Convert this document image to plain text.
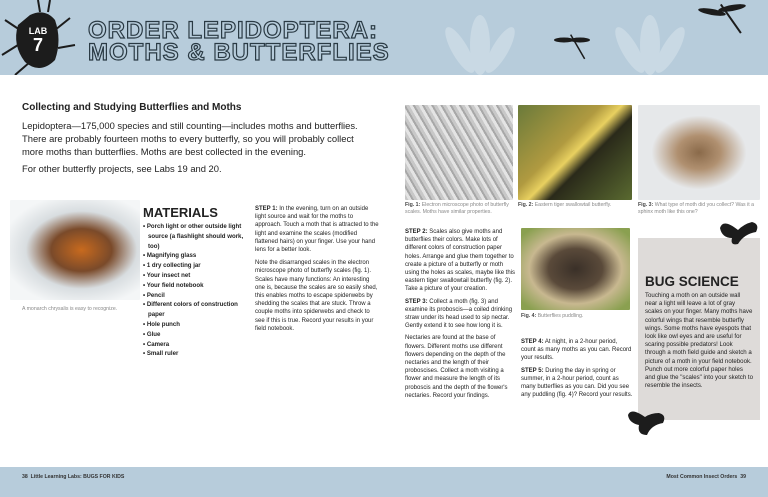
LAB
7
ORDER LEPIDOPTERA:
MOTHS & BUTTERFLIES
Collecting and Studying Butterflies and Moths

Lepidoptera—175,000 species and still counting—includes moths and butterflies. There are probably fourteen moths to every butterfly, so you will probably collect more moths than butterflies. Moths are best collected in the evening.

For other butterfly projects, see Labs 19 and 20.

A monarch chrysalis is easy to recognize.
MATERIALS
• Porch light or other outside light source (a flashlight should work, too)
• Magnifying glass
• 1 dry collecting jar
• Your insect net
• Your field notebook
• Pencil
• Different colors of construction paper
• Hole punch
• Glue
• Camera
• Small ruler

STEP 1: In the evening, turn on an outside light source and wait for the moths to approach. Touch a moth that is attracted to the light and examine the scales (modified flattened hairs) on your finger. Use your hand lens for a better look.

Note the disarranged scales in the electron microscope photo of butterfly scales (fig. 1). Scales have many functions: An interesting one is, because the scales are so easily shed, this enables moths to escape spiderwebs by shedding the scales that are stuck. Throw a couple moths into spiderwebs and check to see if this is true. Record your results in your field notebook.

Fig. 1: Electron microscope photo of butterfly scales. Moths have similar properties.
Fig. 2: Eastern tiger swallowtail butterfly.	Fig. 3: What type of moth did you collect? Was it a sphinx moth like this one?

STEP 2: Scales also give moths and butterflies their colors. Make lots of different colors of construction paper holes. Arrange and glue them together to create a picture of a butterfly or moth using the holes as scales, maybe like this eastern tiger swallowtail butterfly (fig. 2). Take a picture of your creation.

STEP 3: Collect a moth (fig. 3) and examine its proboscis—a coiled drinking straw under its head used to sip nectar. Gently extend it to see how long it is.

Nectaries are found at the base of flowers. Different moths use different flowers depending on the depth of the nectaries and the length of their proboscises. Collect a moth visiting a flower and measure the length of its proboscis and the depth of the flower's nectaries. Record your findings.

Fig. 4: Butterflies puddling.

STEP 4: At night, in a 2-hour period, count as many moths as you can. Record your results.

STEP 5: During the day in spring or summer, in a 2-hour period, count as many butterflies as you can. Did you see any puddling (fig. 4)? Record your results.

BUG SCIENCE

Touching a moth on an outside wall near a light will leave a lot of gray scales on your finger. Many moths have colorful wings that resemble butterfly wings. Some moths have eyespots that look like owl eyes and are useful for scaring possible predators! Look through a moth field guide and sketch a picture of a moth in your field notebook. Punch out more colorful paper holes and glue the "scales" into your sketch to resemble the insects.

38 Little Learning Labs: BUGS FOR KIDS	Most Common Insect Orders 39
